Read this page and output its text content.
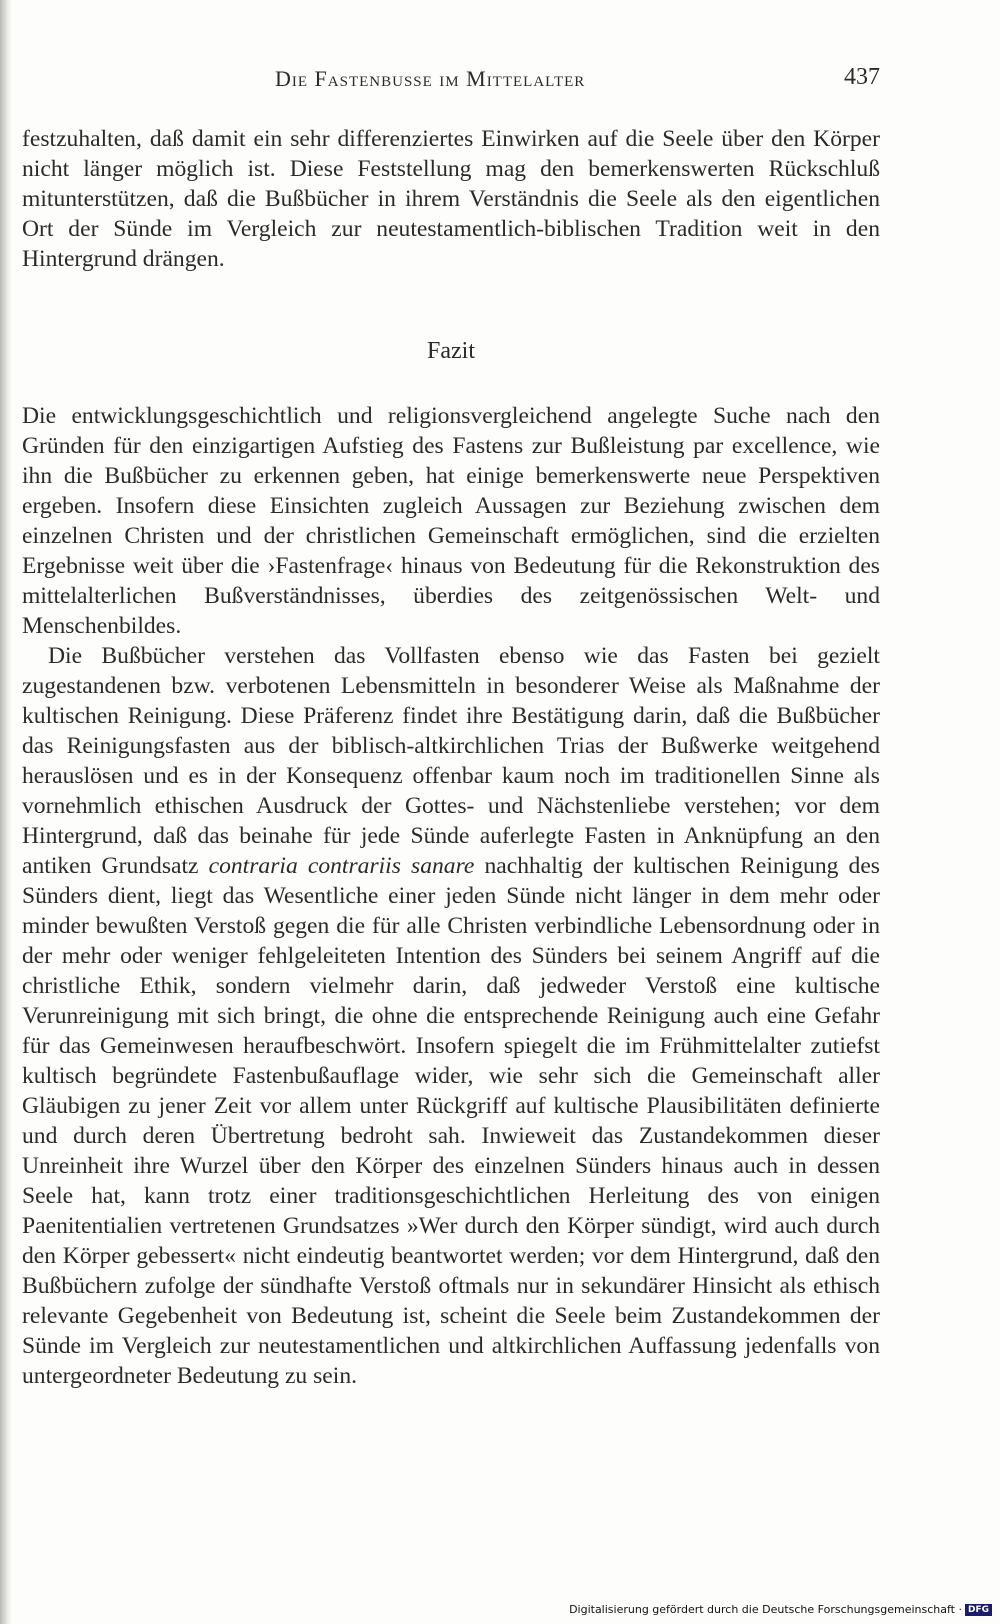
Die Fastenbusse im Mittelalter	437

festzuhalten, daß damit ein sehr differenziertes Einwirken auf die Seele über den Körper nicht länger möglich ist. Diese Feststellung mag den bemerkenswerten Rückschluß mitunterstützen, daß die Bußbücher in ihrem Verständnis die Seele als den eigentlichen Ort der Sünde im Vergleich zur neutestamentlich-biblischen Tradition weit in den Hintergrund drängen.

Fazit

Die entwicklungsgeschichtlich und religionsvergleichend angelegte Suche nach den Gründen für den einzigartigen Aufstieg des Fastens zur Bußleistung par excellence, wie ihn die Bußbücher zu erkennen geben, hat einige bemerkenswerte neue Perspektiven ergeben. Insofern diese Einsichten zugleich Aussagen zur Beziehung zwischen dem einzelnen Christen und der christlichen Gemeinschaft ermöglichen, sind die erzielten Ergebnisse weit über die ›Fastenfrage‹ hinaus von Bedeutung für die Rekonstruktion des mittelalterlichen Bußverständnisses, überdies des zeitgenössischen Welt- und Menschenbildes.

Die Bußbücher verstehen das Vollfasten ebenso wie das Fasten bei gezielt zugestandenen bzw. verbotenen Lebensmitteln in besonderer Weise als Maßnahme der kultischen Reinigung. Diese Präferenz findet ihre Bestätigung darin, daß die Bußbücher das Reinigungsfasten aus der biblisch-altkirchlichen Trias der Bußwerke weitgehend herauslösen und es in der Konsequenz offenbar kaum noch im traditionellen Sinne als vornehmlich ethischen Ausdruck der Gottes- und Nächstenliebe verstehen; vor dem Hintergrund, daß das beinahe für jede Sünde auferlegte Fasten in Anknüpfung an den antiken Grundsatz contraria contrariis sanare nachhaltig der kultischen Reinigung des Sünders dient, liegt das Wesentliche einer jeden Sünde nicht länger in dem mehr oder minder bewußten Verstoß gegen die für alle Christen verbindliche Lebensordnung oder in der mehr oder weniger fehlgeleiteten Intention des Sünders bei seinem Angriff auf die christliche Ethik, sondern vielmehr darin, daß jedweder Verstoß eine kultische Verunreinigung mit sich bringt, die ohne die entsprechende Reinigung auch eine Gefahr für das Gemeinwesen heraufbeschwört. Insofern spiegelt die im Frühmittelalter zutiefst kultisch begründete Fastenbußauflage wider, wie sehr sich die Gemeinschaft aller Gläubigen zu jener Zeit vor allem unter Rückgriff auf kultische Plausibilitäten definierte und durch deren Übertretung bedroht sah. Inwieweit das Zustandekommen dieser Unreinheit ihre Wurzel über den Körper des einzelnen Sünders hinaus auch in dessen Seele hat, kann trotz einer traditionsgeschichtlichen Herleitung des von einigen Paenitentialien vertretenen Grundsatzes »Wer durch den Körper sündigt, wird auch durch den Körper gebessert« nicht eindeutig beantwortet werden; vor dem Hintergrund, daß den Bußbüchern zufolge der sündhafte Verstoß oftmals nur in sekundärer Hinsicht als ethisch relevante Gegebenheit von Bedeutung ist, scheint die Seele beim Zustandekommen der Sünde im Vergleich zur neutestamentlichen und altkirchlichen Auffassung jedenfalls von untergeordneter Bedeutung zu sein.

Digitalisierung gefördert durch die Deutsche Forschungsgemeinschaft · DFG
